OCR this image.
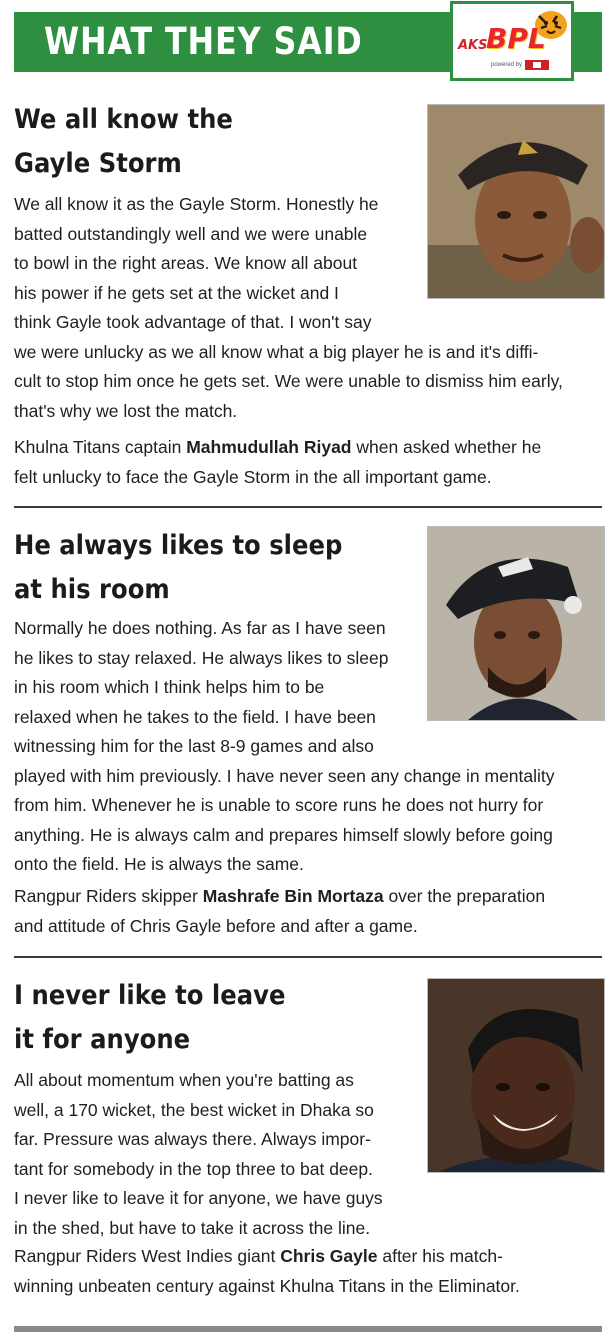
WHAT THEY SAID	AKS
BPL
powered by
We all know the
Gayle Storm
We all know it as the Gayle Storm. Honestly he
batted outstandingly well and we were unable
to bowl in the right areas. We know all about
his power if he gets set at the wicket and I
think Gayle took advantage of that. I won't say
we were unlucky as we all know what a big player he is and it's diffi-
cult to stop him once he gets set. We were unable to dismiss him early,
that's why we lost the match.
Khulna Titans captain Mahmudullah Riyad when asked whether he
felt unlucky to face the Gayle Storm in the all important game.
He always likes to sleep
at his room
Normally he does nothing. As far as I have seen
he likes to stay relaxed. He always likes to sleep
in his room which I think helps him to be
relaxed when he takes to the field. I have been
witnessing him for the last 8-9 games and also
played with him previously. I have never seen any change in mentality
from him. Whenever he is unable to score runs he does not hurry for
anything. He is always calm and prepares himself slowly before going
onto the field. He is always the same.
Rangpur Riders skipper Mashrafe Bin Mortaza over the preparation
and attitude of Chris Gayle before and after a game.
I never like to leave
it for anyone
All about momentum when you're batting as
well, a 170 wicket, the best wicket in Dhaka so
far. Pressure was always there. Always impor-
tant for somebody in the top three to bat deep.
I never like to leave it for anyone, we have guys
in the shed, but have to take it across the line.
Rangpur Riders West Indies giant Chris Gayle after his match-
winning unbeaten century against Khulna Titans in the Eliminator.
